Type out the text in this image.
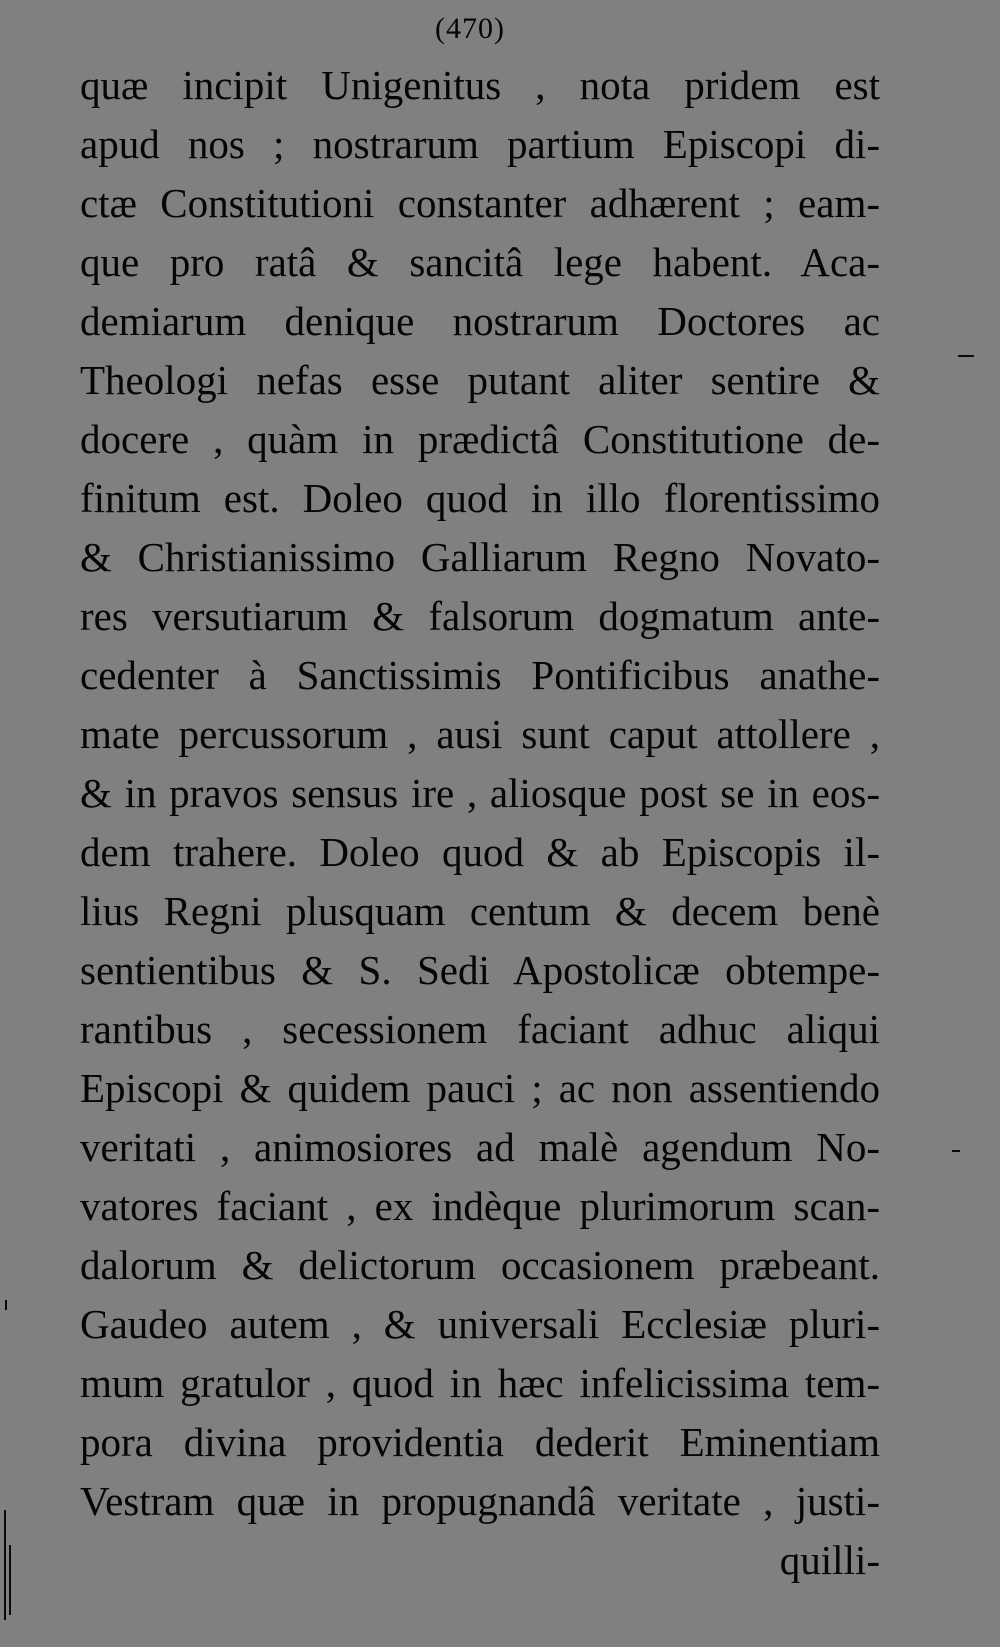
(470)
quæ incipit Unigenitus , nota pridem est
apud nos ; nostrarum partium Episcopi di-
ctæ Constitutioni constanter adhærent ; eam-
que pro ratâ & sancitâ lege habent. Aca-
demiarum denique nostrarum Doctores ac
Theologi nefas esse putant aliter sentire &
docere , quàm in prædictâ Constitutione de-
finitum est. Doleo quod in illo florentissimo
& Christianissimo Galliarum Regno Novato-
res versutiarum & falsorum dogmatum ante-
cedenter à Sanctissimis Pontificibus anathe-
mate percussorum , ausi sunt caput attollere ,
& in pravos sensus ire , aliosque post se in eos-
dem trahere. Doleo quod & ab Episcopis il-
lius Regni plusquam centum & decem benè
sentientibus & S. Sedi Apostolicæ obtempe-
rantibus , secessionem faciant adhuc aliqui
Episcopi & quidem pauci ; ac non assentiendo
veritati , animosiores ad malè agendum No-
vatores faciant , ex indèque plurimorum scan-
dalorum & delictorum occasionem præbeant.
Gaudeo autem , & universali Ecclesiæ pluri-
mum gratulor , quod in hæc infelicissima tem-
pora divina providentia dederit Eminentiam
Vestram quæ in propugnandâ veritate , justi-
quilli-
